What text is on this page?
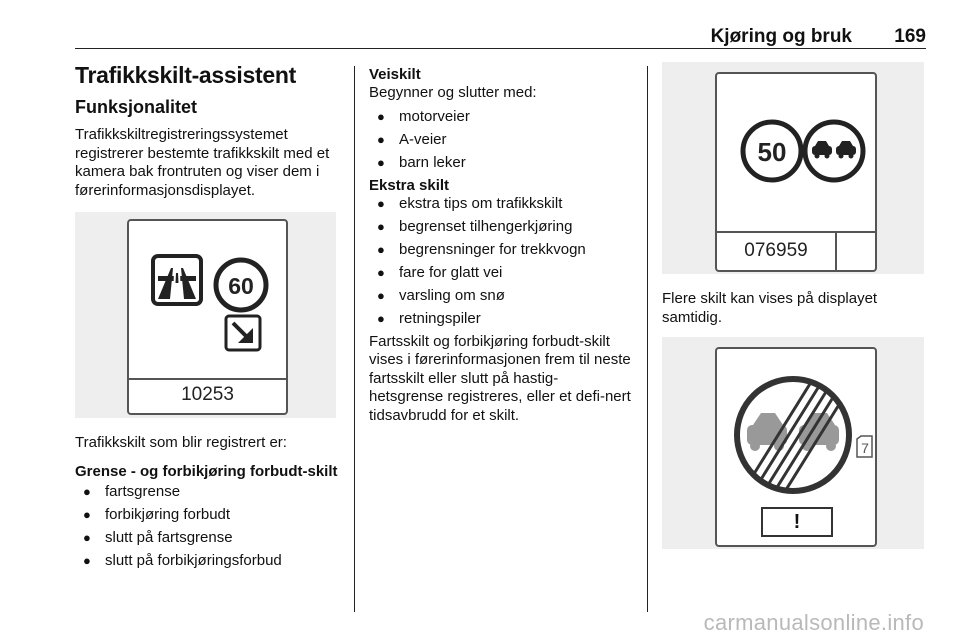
Kjøring og bruk 169
Trafikkskilt-assistent
Funksjonalitet

Trafikkskiltregistreringssystemet registrerer bestemte trafikkskilt med et kamera bak frontruten og viser dem i førerinformasjonsdisplayet.

60
10253

Trafikkskilt som blir registrert er:

Grense - og forbikjøring forbudt-skilt
● fartsgrense
● forbikjøring forbudt
● slutt på fartsgrense
● slutt på forbikjøringsforbud
Veiskilt

Begynner og slutter med:

● motorveier
● A-veier
● barn leker
Ekstra skilt
● ekstra tips om trafikkskilt
● begrenset tilhengerkjøring
● begrensninger for trekkvogn
● fare for glatt vei
● varsling om snø
● retningspiler

Fartsskilt og forbikjøring forbudt-skilt vises i førerinformasjonen frem til neste fartsskilt eller slutt på hastig-hetsgrense registreres, eller et defi-nert tidsavbrudd for et skilt.

50
076959

Flere skilt kan vises på displayet samtidig.

7
!
carmanualsonline.info
